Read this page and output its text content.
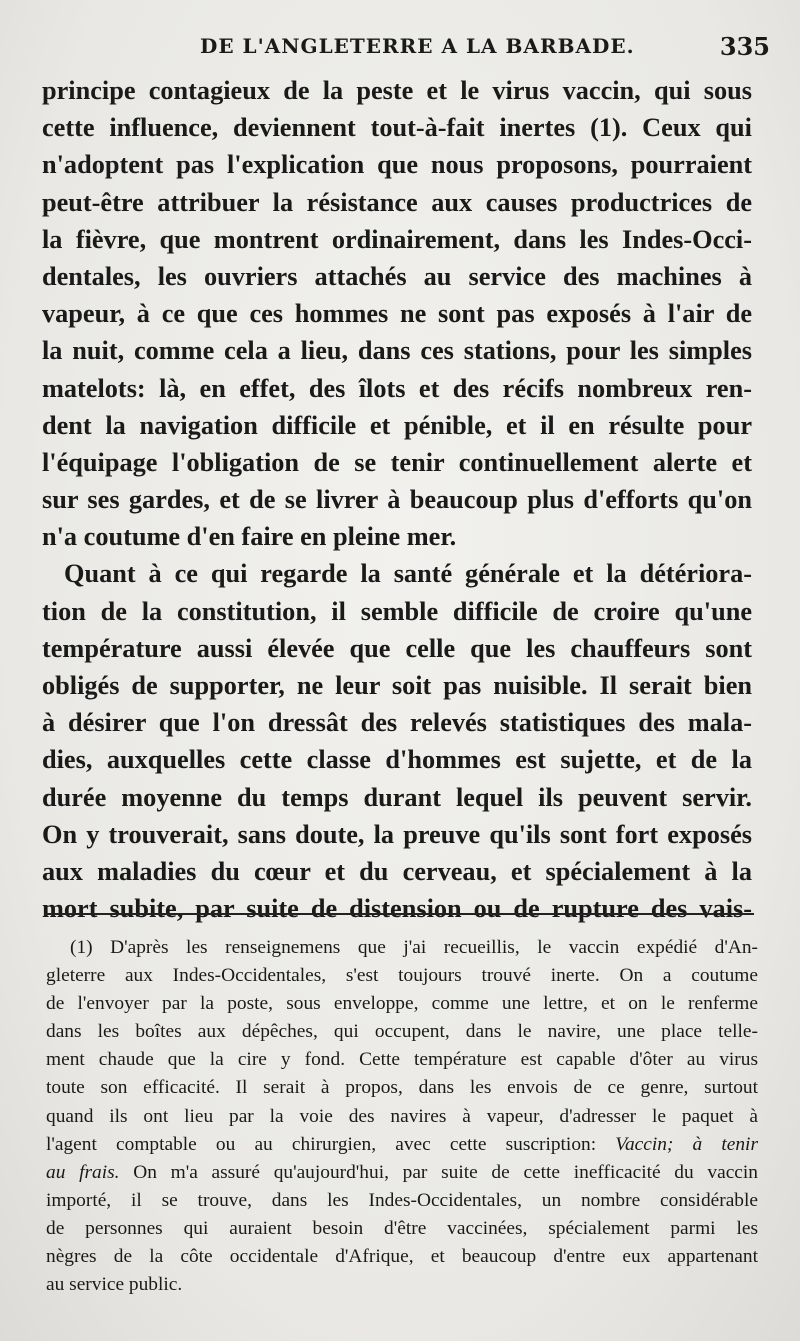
DE L'ANGLETERRE A LA BARBADE.	335
principe contagieux de la peste et le virus vaccin, qui sous
cette influence, deviennent tout-à-fait inertes (1). Ceux qui
n'adoptent pas l'explication que nous proposons, pourraient
peut-être attribuer la résistance aux causes productrices de
la fièvre, que montrent ordinairement, dans les Indes-Occi-
dentales, les ouvriers attachés au service des machines à
vapeur, à ce que ces hommes ne sont pas exposés à l'air de
la nuit, comme cela a lieu, dans ces stations, pour les simples
matelots: là, en effet, des îlots et des récifs nombreux ren-
dent la navigation difficile et pénible, et il en résulte pour
l'équipage l'obligation de se tenir continuellement alerte et
sur ses gardes, et de se livrer à beaucoup plus d'efforts qu'on
n'a coutume d'en faire en pleine mer.
Quant à ce qui regarde la santé générale et la détériora-
tion de la constitution, il semble difficile de croire qu'une
température aussi élevée que celle que les chauffeurs sont
obligés de supporter, ne leur soit pas nuisible. Il serait bien
à désirer que l'on dressât des relevés statistiques des mala-
dies, auxquelles cette classe d'hommes est sujette, et de la
durée moyenne du temps durant lequel ils peuvent servir.
On y trouverait, sans doute, la preuve qu'ils sont fort exposés
aux maladies du cœur et du cerveau, et spécialement à la
mort subite, par suite de distension ou de rupture des vais-
(1) D'après les renseignemens que j'ai recueillis, le vaccin expédié d'An-
gleterre aux Indes-Occidentales, s'est toujours trouvé inerte. On a coutume
de l'envoyer par la poste, sous enveloppe, comme une lettre, et on le renferme
dans les boîtes aux dépêches, qui occupent, dans le navire, une place telle-
ment chaude que la cire y fond. Cette température est capable d'ôter au virus
toute son efficacité. Il serait à propos, dans les envois de ce genre, surtout
quand ils ont lieu par la voie des navires à vapeur, d'adresser le paquet à
l'agent comptable ou au chirurgien, avec cette suscription: Vaccin; à tenir
au frais. On m'a assuré qu'aujourd'hui, par suite de cette inefficacité du vaccin
importé, il se trouve, dans les Indes-Occidentales, un nombre considérable
de personnes qui auraient besoin d'être vaccinées, spécialement parmi les
nègres de la côte occidentale d'Afrique, et beaucoup d'entre eux appartenant
au service public.
